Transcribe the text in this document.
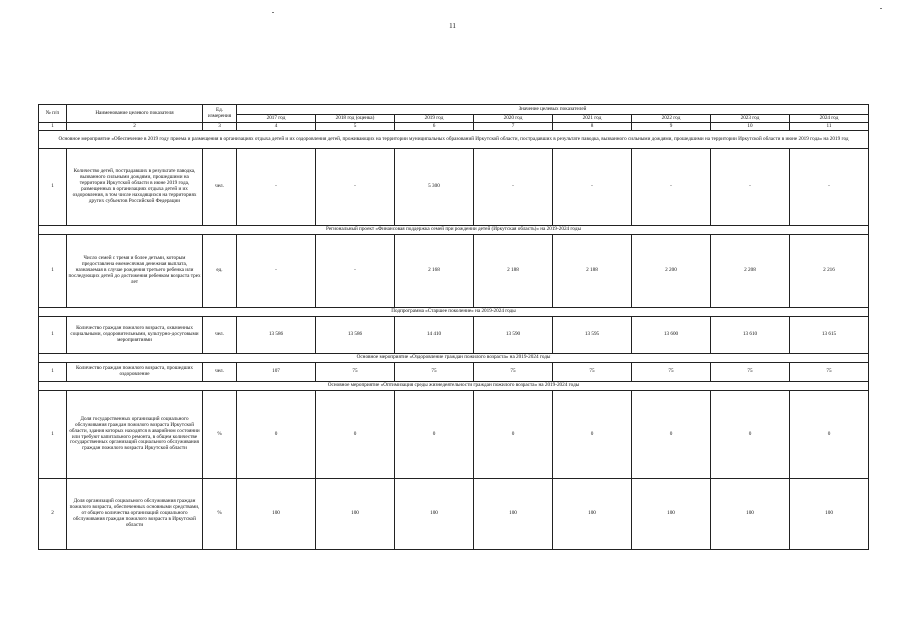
11
№ п/п	Наименование целевого показателя	Ед. измерения	Значение целевых показателей							
			2017 год	2018 год (оценка)	2019 год	2020 год	2021 год	2022 год	2023 год	2024 год
1	2	3	4	5	6	7	8	9	10	11
Основное мероприятие «Обеспечение в 2019 году приема и размещения в организациях отдыха детей и их оздоровления детей, проживающих на территории муниципальных образований Иркутской области, пострадавших в результате паводка, вызванного сильными дождями, прошедшими на территории Иркутской области в июне 2019 года» на 2019 год										
1	Количество детей, пострадавших в результате паводка, вызванного сильными дождями, прошедшими на территории Иркутской области в июне 2019 года, размещенных в организациях отдыха детей и их оздоровления, в том числе находящихся на территориях других субъектов Российской Федерации	чел.	-	-	5 300	-	-	-	-	-
Региональный проект «Финансовая поддержка семей при рождении детей (Иркутская область)» на 2019-2024 годы										
1	Число семей с тремя и более детьми, которым предоставлена ежемесячная денежная выплата, назначаемая в случае рождения третьего ребенка или последующих детей до достижения ребенком возраста трех лет	ед.	-	-	2 168	2 188	2 188	2 200	2 208	2 216
Подпрограмма «Старшее поколение» на 2019-2024 годы										
1	Количество граждан пожилого возраста, охваченных социальными, оздоровительными, культурно-досуговыми мероприятиями	чел.	13 586	13 586	14 410	13 590	13 595	13 600	13 610	13 615
Основное мероприятие «Оздоровление граждан пожилого возраста» на 2019-2024 годы										
1	Количество граждан пожилого возраста, прошедших оздоровление	чел.	107	75	75	75	75	75	75	75
Основное мероприятие «Оптимизация среды жизнедеятельности граждан пожилого возраста» на 2019-2024 годы										
1	Доля государственных организаций социального обслуживания граждан пожилого возраста Иркутской области, здания которых находятся в аварийном состоянии или требуют капитального ремонта, в общем количестве государственных организаций социального обслуживания граждан пожилого возраста Иркутской области	%	0	0	0	0	0	0	0	0
2	Доля организаций социального обслуживания граждан пожилого возраста, обеспеченных основными средствами, от общего количества организаций социального обслуживания граждан пожилого возраста в Иркутской области	%	100	100	100	100	100	100	100	100
